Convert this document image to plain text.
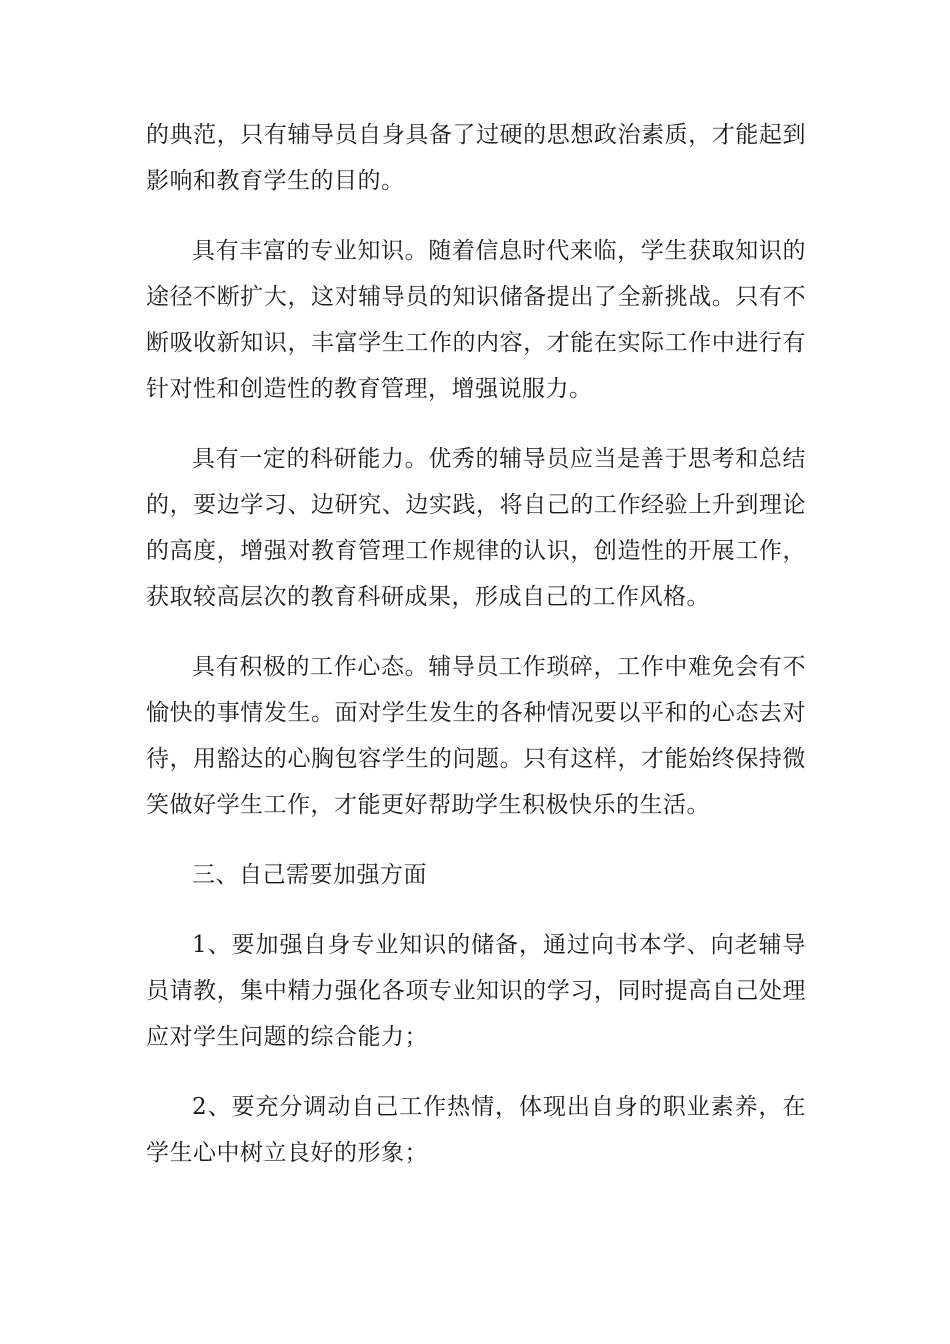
的典范，只有辅导员自身具备了过硬的思想政治素质，才能起到影响和教育学生的目的。

具有丰富的专业知识。随着信息时代来临，学生获取知识的途径不断扩大，这对辅导员的知识储备提出了全新挑战。只有不断吸收新知识，丰富学生工作的内容，才能在实际工作中进行有针对性和创造性的教育管理，增强说服力。

具有一定的科研能力。优秀的辅导员应当是善于思考和总结的，要边学习、边研究、边实践，将自己的工作经验上升到理论的高度，增强对教育管理工作规律的认识，创造性的开展工作，获取较高层次的教育科研成果，形成自己的工作风格。

具有积极的工作心态。辅导员工作琐碎，工作中难免会有不愉快的事情发生。面对学生发生的各种情况要以平和的心态去对待，用豁达的心胸包容学生的问题。只有这样，才能始终保持微笑做好学生工作，才能更好帮助学生积极快乐的生活。

三、自己需要加强方面

1、要加强自身专业知识的储备，通过向书本学、向老辅导员请教，集中精力强化各项专业知识的学习，同时提高自己处理应对学生问题的综合能力；

2、要充分调动自己工作热情，体现出自身的职业素养，在学生心中树立良好的形象；
